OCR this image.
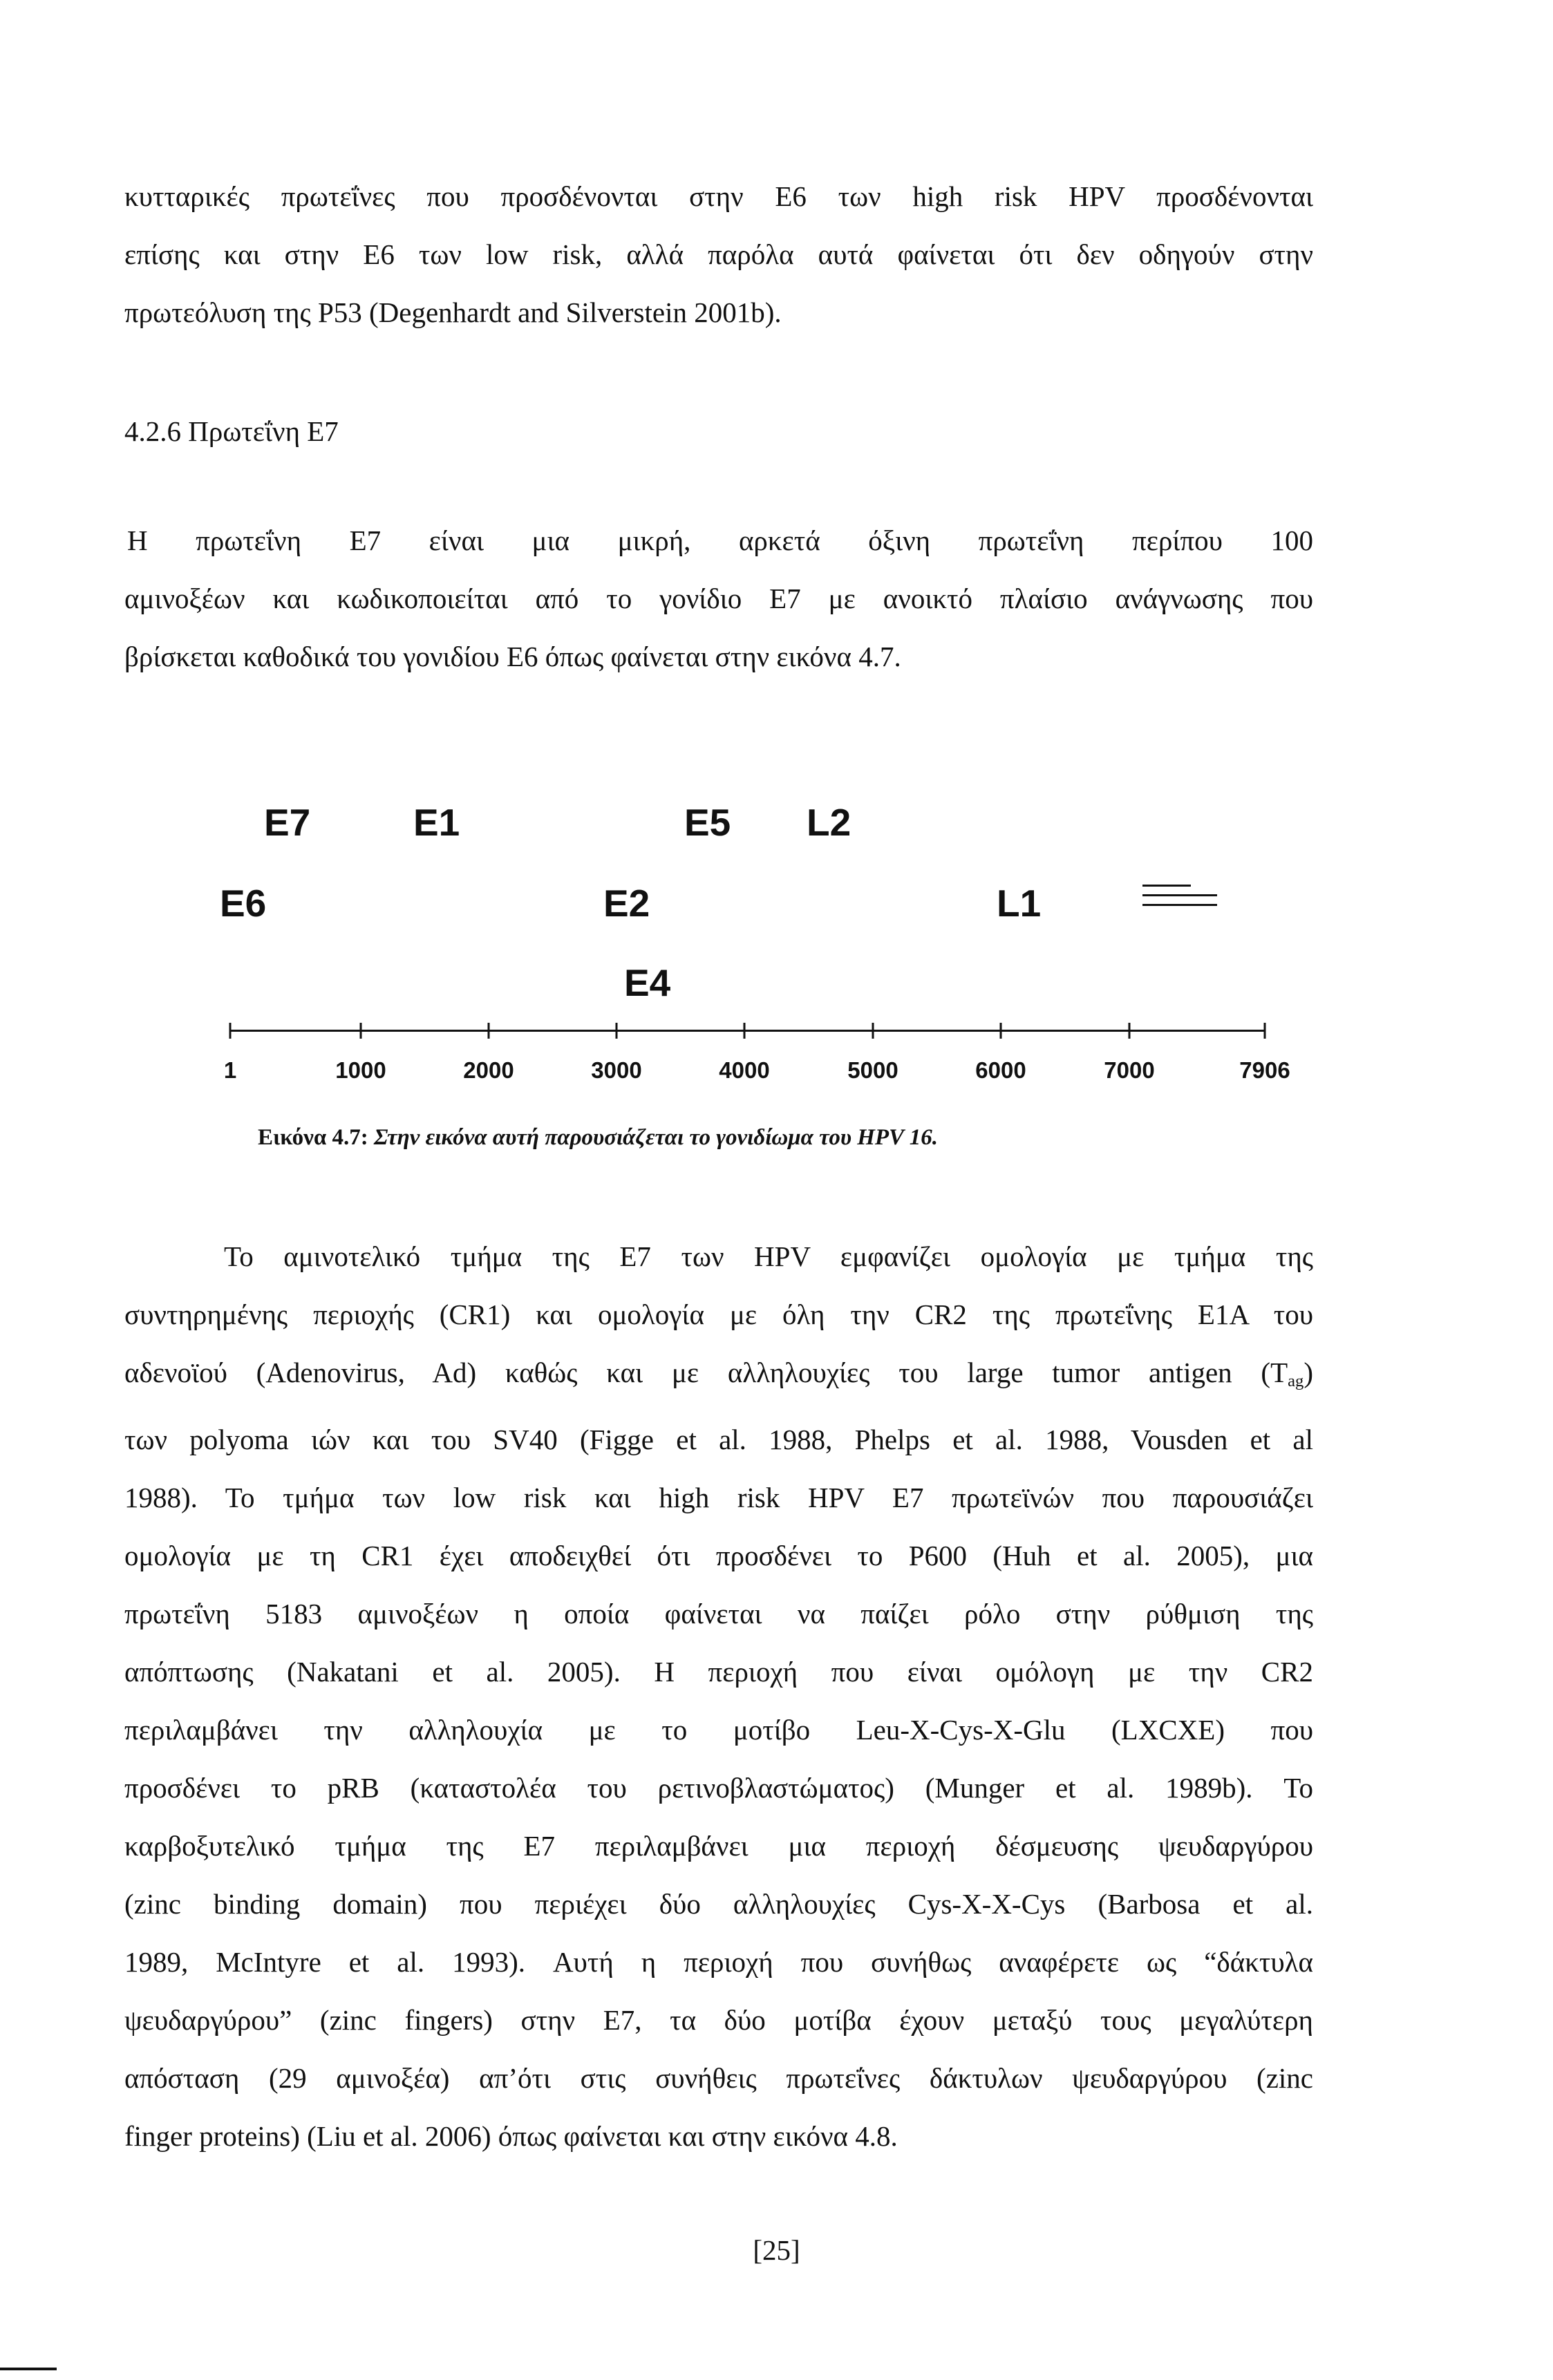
κυτταρικές πρωτεΐνες που προσδένονται στην Ε6 των high risk HPV προσδένονται
επίσης και στην Ε6 των low risk, αλλά παρόλα αυτά φαίνεται ότι δεν οδηγούν στην
πρωτεόλυση της P53 (Degenhardt and Silverstein 2001b).
4.2.6 Πρωτεΐνη Ε7
Η πρωτεΐνη Ε7 είναι μια μικρή, αρκετά όξινη πρωτεΐνη περίπου 100
αμινοξέων και κωδικοποιείται από το γονίδιο Ε7 με ανοικτό πλαίσιο ανάγνωσης που
βρίσκεται καθοδικά του γονιδίου Ε6 όπως φαίνεται στην εικόνα 4.7.
E7	E1	E5 L2
E6	E2	L1
E4
1	1000	2000	3000	4000	5000	6000	7000	7906
Εικόνα 4.7: Στην εικόνα αυτή παρουσιάζεται το γονιδίωμα του HPV 16.
Το αμινοτελικό τμήμα της Ε7 των HPV εμφανίζει ομολογία με τμήμα της
συντηρημένης περιοχής (CR1) και ομολογία με όλη την CR2 της πρωτεΐνης Ε1Α του
αδενοϊού (Adenovirus, Ad) καθώς και με αλληλουχίες του large tumor antigen $(T_{ag})$
των polyoma ιών και του SV40 (Figge et al. 1988, Phelps et al. 1988, Vousden et al
1988). Το τμήμα των low risk και high risk HPV Ε7 πρωτεϊνών που παρουσιάζει
ομολογία με τη CR1 έχει αποδειχθεί ότι προσδένει το P600 (Huh et al. 2005), μια
πρωτεΐνη 5183 αμινοξέων η οποία φαίνεται να παίζει ρόλο στην ρύθμιση της
απόπτωσης (Nakatani et al. 2005). Η περιοχή που είναι ομόλογη με την CR2
περιλαμβάνει την αλληλουχία με το μοτίβο Leu-X-Cys-X-Glu (LXCXE) που
προσδένει το pRB (καταστολέα του ρετινοβλαστώματος) (Munger et al. 1989b). Το
καρβοξυτελικό τμήμα της Ε7 περιλαμβάνει μια περιοχή δέσμευσης ψευδαργύρου
(zinc binding domain) που περιέχει δύο αλληλουχίες Cys-X-X-Cys (Barbosa et al.
1989, McIntyre et al. 1993). Αυτή η περιοχή που συνήθως αναφέρετε ως “δάκτυλα
ψευδαργύρου” (zinc fingers) στην Ε7, τα δύο μοτίβα έχουν μεταξύ τους μεγαλύτερη
απόσταση (29 αμινοξέα) απ’ότι στις συνήθεις πρωτεΐνες δάκτυλων ψευδαργύρου (zinc
finger proteins) (Liu et al. 2006) όπως φαίνεται και στην εικόνα 4.8.
[25]
